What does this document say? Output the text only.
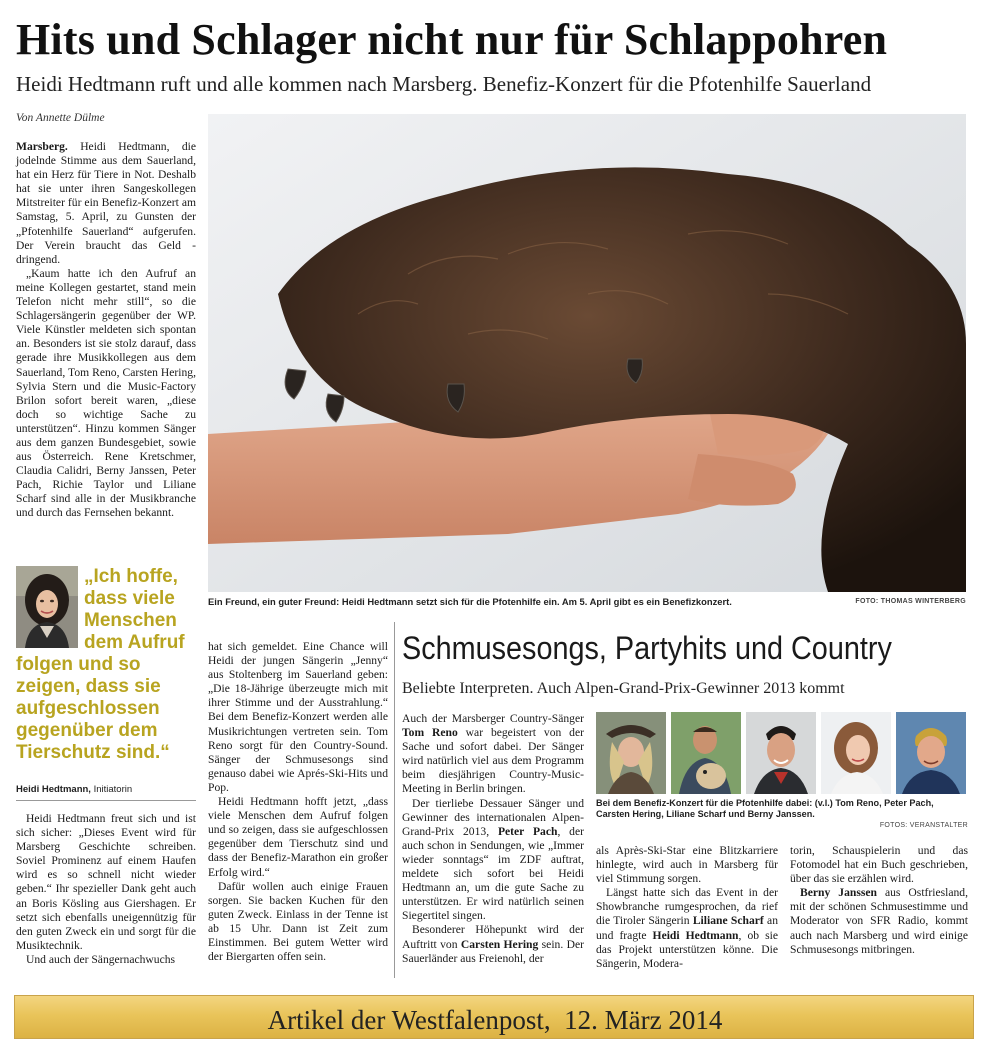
Hits und Schlager nicht nur für Schlappohren
Heidi Hedtmann ruft und alle kommen nach Marsberg. Benefiz-Konzert für die Pfotenhilfe Sauerland
Von Annette Dülme

Marsberg. Heidi Hedtmann, die jodelnde Stimme aus dem Sauerland, hat ein Herz für Tiere in Not. Deshalb hat sie unter ihren Sangeskollegen Mitstreiter für ein Benefiz-Konzert am Samstag, 5. April, zu Gunsten der „Pfotenhilfe Sauerland“ aufgerufen. Der Verein braucht das Geld - dringend.

„Kaum hatte ich den Aufruf an meine Kollegen gestartet, stand mein Telefon nicht mehr still“, so die Schlagersängerin gegenüber der WP. Viele Künstler meldeten sich spontan an. Besonders ist sie stolz darauf, dass gerade ihre Musikkollegen aus dem Sauerland, Tom Reno, Carsten Hering, Sylvia Stern und die Music-Factory Brilon sofort bereit waren, „diese doch so wichtige Sache zu unterstützen“. Hinzu kommen Sänger aus dem ganzen Bundesgebiet, sowie aus Österreich. Rene Kretschmer, Claudia Calidri, Berny Janssen, Peter Pach, Richie Taylor und Liliane Scharf sind alle in der Musikbranche und durch das Fernsehen bekannt.

„Ich hoffe, dass viele Menschen dem Aufruf
folgen und so zeigen, dass sie aufgeschlossen gegenüber dem Tierschutz sind.“
Heidi Hedtmann, Initiatorin

Heidi Hedtmann freut sich und ist sich sicher: „Dieses Event wird für Marsberg Geschichte schreiben. Soviel Prominenz auf einem Haufen wird es so schnell nicht wieder geben.“ Ihr spezieller Dank geht auch an Boris Kösling aus Giershagen. Er setzt sich ebenfalls uneigennützig für den guten Zweck ein und sorgt für die Musiktechnik.

Und auch der Sängernachwuchs

Ein Freund, ein guter Freund: Heidi Hedtmann setzt sich für die Pfotenhilfe ein. Am 5. April gibt es ein Benefizkonzert.	FOTO: THOMAS WINTERBERG

hat sich gemeldet. Eine Chance will Heidi der jungen Sängerin „Jenny“ aus Stoltenberg im Sauerland geben: „Die 18-Jährige überzeugte mich mit ihrer Stimme und der Ausstrahlung.“ Bei dem Benefiz-Konzert werden alle Musikrichtungen vertreten sein. Tom Reno sorgt für den Country-Sound. Sänger der Schmusesongs sind genauso dabei wie Aprés-Ski-Hits und Pop.

Heidi Hedtmann hofft jetzt, „dass viele Menschen dem Aufruf folgen und so zeigen, dass sie aufgeschlossen gegenüber dem Tierschutz sind und dass der Benefiz-Marathon ein großer Erfolg wird.“

Dafür wollen auch einige Frauen sorgen. Sie backen Kuchen für den guten Zweck. Einlass in der Tenne ist ab 15 Uhr. Dann ist Zeit zum Einstimmen. Bei gutem Wetter wird der Biergarten offen sein.

Schmusesongs, Partyhits und Country
Beliebte Interpreten. Auch Alpen-Grand-Prix-Gewinner 2013 kommt

Auch der Marsberger Country-Sänger Tom Reno war begeistert von der Sache und sofort dabei. Der Sänger wird natürlich viel aus dem Programm beim diesjährigen Country-Music-Meeting in Berlin bringen.

Der tierliebe Dessauer Sänger und Gewinner des internationalen Alpen-Grand-Prix 2013, Peter Pach, der auch schon in Sendungen, wie „Immer wieder sonntags“ im ZDF auftrat, meldete sich sofort bei Heidi Hedtmann an, um die gute Sache zu unterstützen. Er wird natürlich seinen Siegertitel singen.

Besonderer Höhepunkt wird der Auftritt von Carsten Hering sein. Der Sauerländer aus Freienohl, der

Bei dem Benefiz-Konzert für die Pfotenhilfe dabei: (v.l.) Tom Reno, Peter Pach, Carsten Hering, Liliane Scharf und Berny Janssen.
FOTOS: VERANSTALTER

als Après-Ski-Star eine Blitzkarriere hinlegte, wird auch in Marsberg für viel Stimmung sorgen.

Längst hatte sich das Event in der Showbranche rumgesprochen, da rief die Tiroler Sängerin Liliane Scharf an und fragte Heidi Hedtmann, ob sie das Projekt unterstützen könne. Die Sängerin, Modera-

torin, Schauspielerin und das Fotomodel hat ein Buch geschrieben, über das sie erzählen wird.

Berny Janssen aus Ostfriesland, mit der schönen Schmusestimme und Moderator von SFR Radio, kommt auch nach Marsberg und wird einige Schmusesongs mitbringen.

Artikel der Westfalenpost, 12. März 2014
